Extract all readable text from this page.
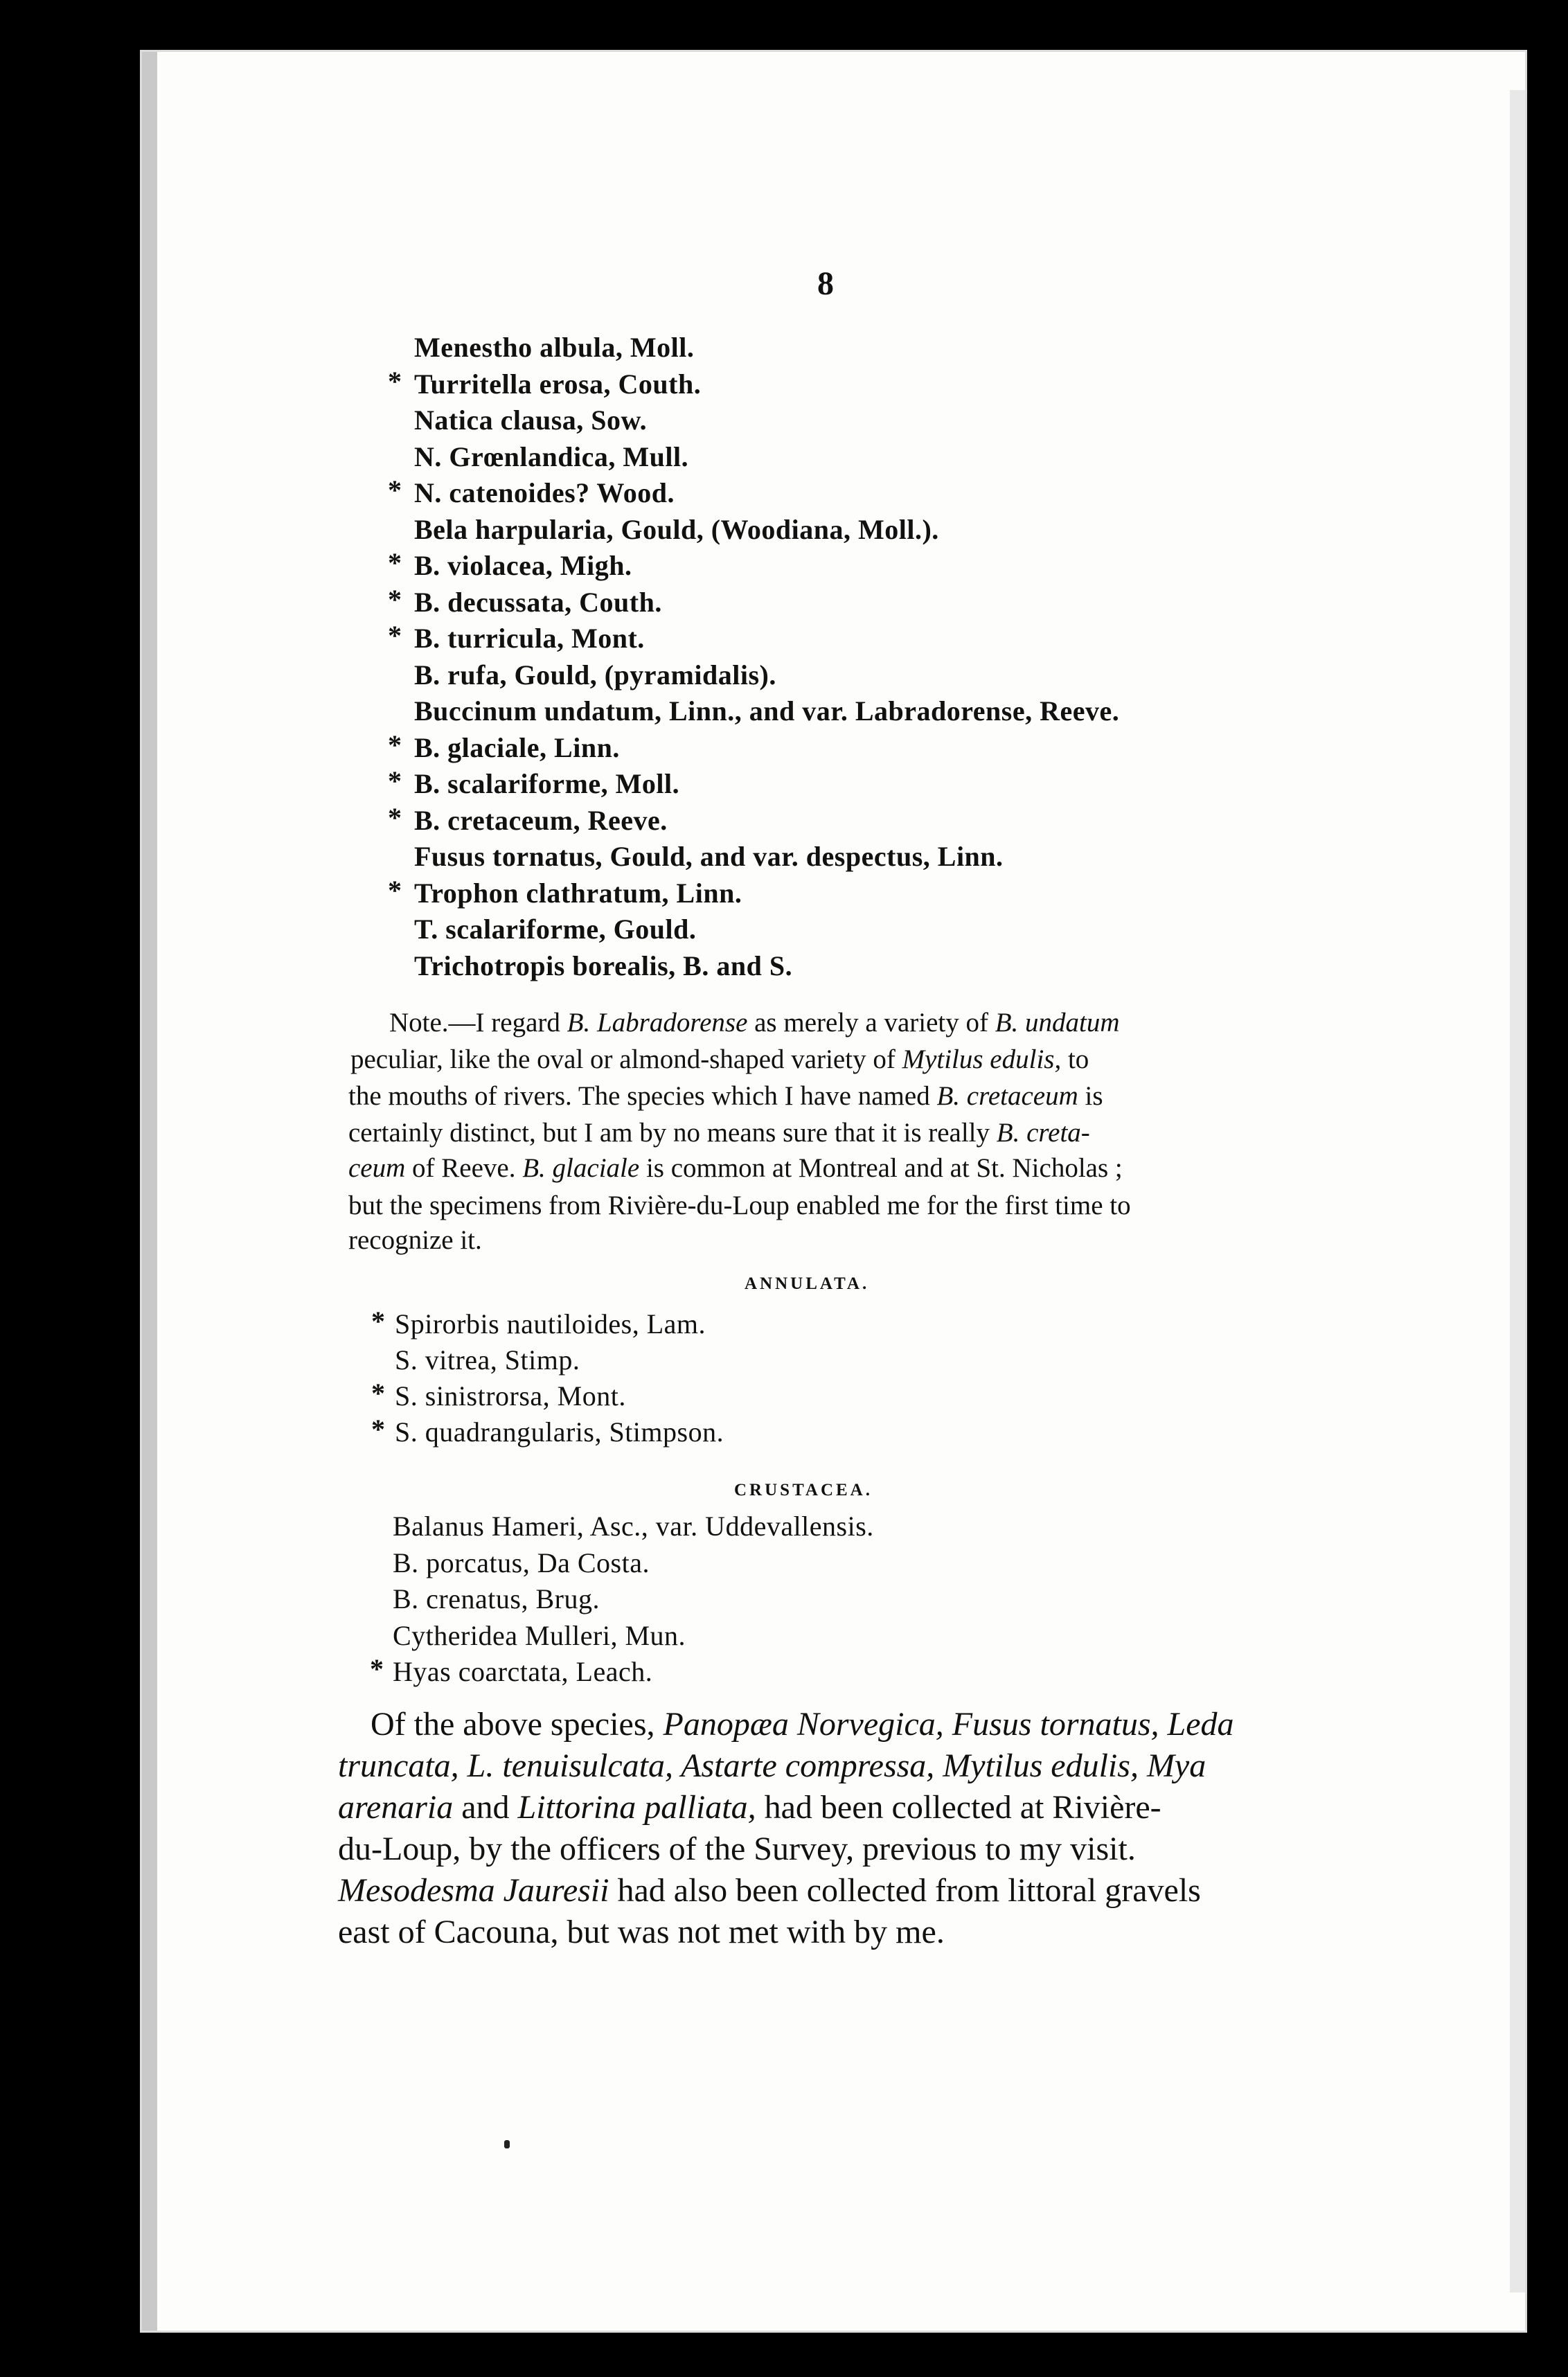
8
Menestho albula, Moll.
* Turritella erosa, Couth.
Natica clausa, Sow.
N. Grœnlandica, Mull.
* N. catenoides? Wood.
Bela harpularia, Gould, (Woodiana, Moll.).
* B. violacea, Migh.
* B. decussata, Couth.
* B. turricula, Mont.
B. rufa, Gould, (pyramidalis).
Buccinum undatum, Linn., and var. Labradorense, Reeve.
* B. glaciale, Linn.
* B. scalariforme, Moll.
* B. cretaceum, Reeve.
Fusus tornatus, Gould, and var. despectus, Linn.
* Trophon clathratum, Linn.
T. scalariforme, Gould.
Trichotropis borealis, B. and S.
Note.—I regard B. Labradorense as merely a variety of B. undatum
peculiar, like the oval or almond-shaped variety of Mytilus edulis, to
the mouths of rivers. The species which I have named B. cretaceum is
certainly distinct, but I am by no means sure that it is really B. creta-
ceum of Reeve. B. glaciale is common at Montreal and at St. Nicholas ;
but the specimens from Rivière-du-Loup enabled me for the first time to
recognize it.
ANNULATA.
* Spirorbis nautiloides, Lam.
S. vitrea, Stimp.
* S. sinistrorsa, Mont.
* S. quadrangularis, Stimpson.
CRUSTACEA.
Balanus Hameri, Asc., var. Uddevallensis.
B. porcatus, Da Costa.
B. crenatus, Brug.
Cytheridea Mulleri, Mun.
* Hyas coarctata, Leach.
Of the above species, Panopæa Norvegica, Fusus tornatus, Leda
truncata, L. tenuisulcata, Astarte compressa, Mytilus edulis, Mya
arenaria and Littorina palliata, had been collected at Rivière-
du-Loup, by the officers of the Survey, previous to my visit.
Mesodesma Jauresii had also been collected from littoral gravels
east of Cacouna, but was not met with by me.
